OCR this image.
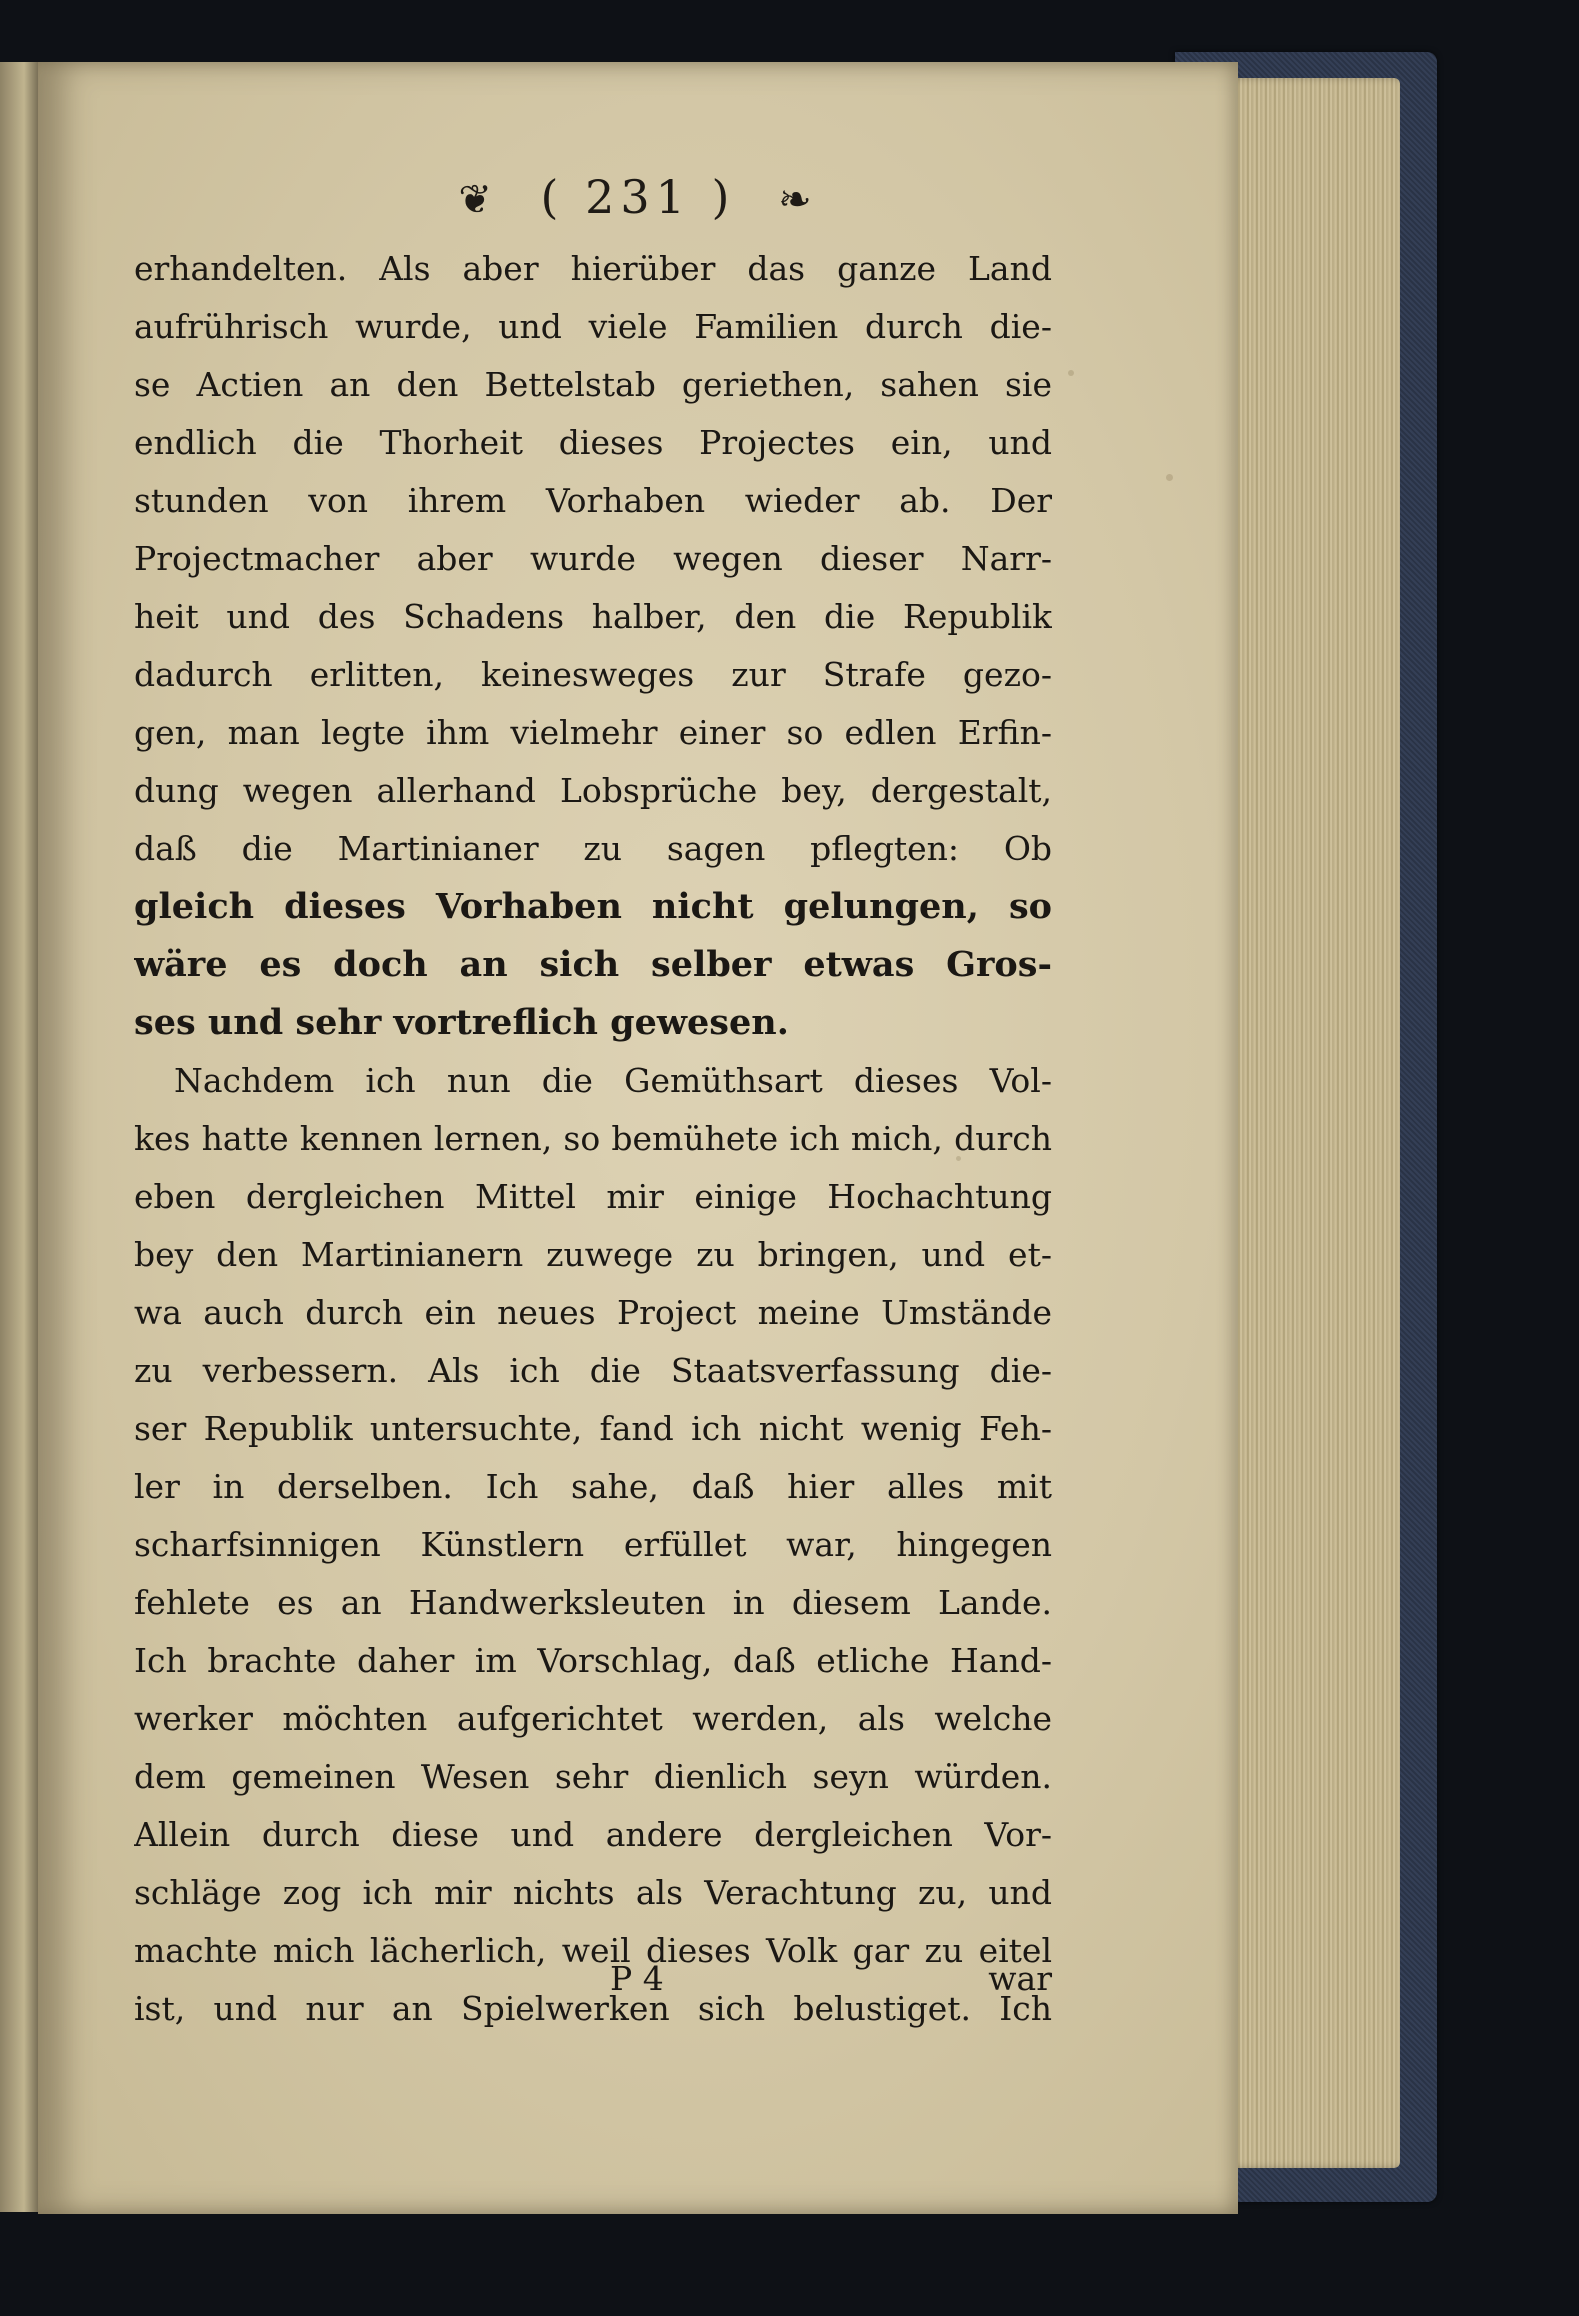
❦ ( 231 ) ❧
erhandelten. Als aber hierüber das ganze Land
aufrührisch wurde, und viele Familien durch die-
se Actien an den Bettelstab geriethen, sahen sie
endlich die Thorheit dieses Projectes ein, und
stunden von ihrem Vorhaben wieder ab. Der
Projectmacher aber wurde wegen dieser Narr-
heit und des Schadens halber, den die Republik
dadurch erlitten, keinesweges zur Strafe gezo-
gen, man legte ihm vielmehr einer so edlen Erfin-
dung wegen allerhand Lobsprüche bey, dergestalt,
daß die Martinianer zu sagen pflegten: Ob
gleich dieses Vorhaben nicht gelungen, so
wäre es doch an sich selber etwas Gros-
ses und sehr vortreflich gewesen.
Nachdem ich nun die Gemüthsart dieses Vol-
kes hatte kennen lernen, so bemühete ich mich, durch
eben dergleichen Mittel mir einige Hochachtung
bey den Martinianern zuwege zu bringen, und et-
wa auch durch ein neues Project meine Umstände
zu verbessern. Als ich die Staatsverfassung die-
ser Republik untersuchte, fand ich nicht wenig Feh-
ler in derselben. Ich sahe, daß hier alles mit
scharfsinnigen Künstlern erfüllet war, hingegen
fehlete es an Handwerksleuten in diesem Lande.
Ich brachte daher im Vorschlag, daß etliche Hand-
werker möchten aufgerichtet werden, als welche
dem gemeinen Wesen sehr dienlich seyn würden.
Allein durch diese und andere dergleichen Vor-
schläge zog ich mir nichts als Verachtung zu, und
machte mich lächerlich, weil dieses Volk gar zu eitel
ist, und nur an Spielwerken sich belustiget. Ich
P 4	war
